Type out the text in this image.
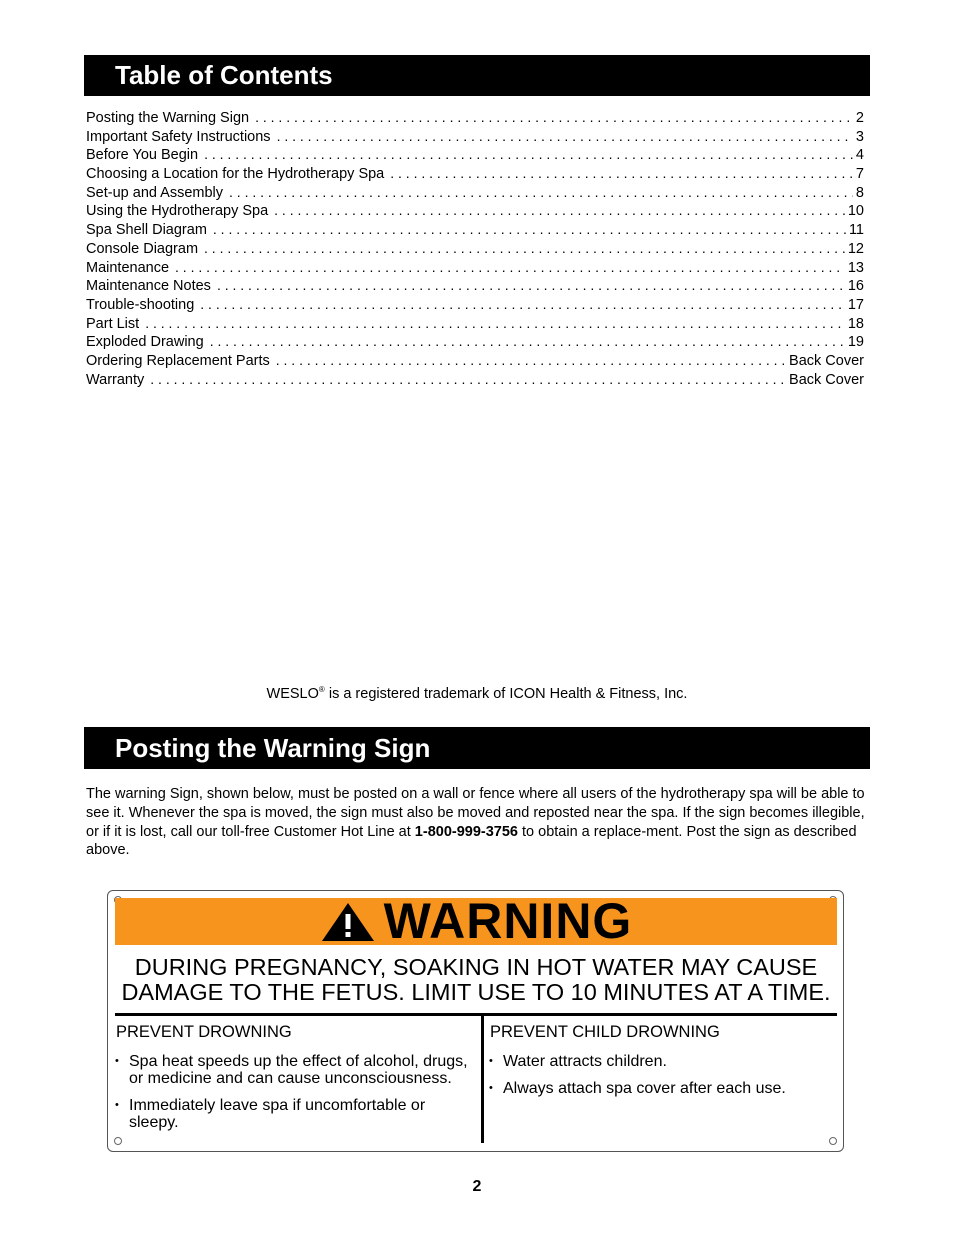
Table of Contents
Posting the Warning Sign . . .	2
Important Safety Instructions . . .	3
Before You Begin . . .	4
Choosing a Location for the Hydrotherapy Spa . . .	7
Set-up and Assembly . . .	8
Using the Hydrotherapy Spa . . .	10
Spa Shell Diagram . . .	11
Console Diagram . . .	12
Maintenance . . .	13
Maintenance Notes . . .	16
Trouble-shooting . . .	17
Part List . . .	18
Exploded Drawing . . .	19
Ordering Replacement Parts . . .	Back Cover
Warranty . . .	Back Cover
WESLO® is a registered trademark of ICON Health & Fitness, Inc.
Posting the Warning Sign

The warning Sign, shown below, must be posted on a wall or fence where all users of the hydrotherapy spa will be able to see it. Whenever the spa is moved, the sign must also be moved and reposted near the spa. If the sign becomes illegible, or if it is lost, call our toll-free Customer Hot Line at 1-800-999-3756 to obtain a replace-ment. Post the sign as described above.

WARNING

DURING PREGNANCY, SOAKING IN HOT WATER MAY CAUSE
DAMAGE TO THE FETUS. LIMIT USE TO 10 MINUTES AT A TIME.

PREVENT DROWNING
• Spa heat speeds up the effect of alcohol, drugs, or medicine and can cause unconsciousness.
• Immediately leave spa if uncomfortable or sleepy.
PREVENT CHILD DROWNING
• Water attracts children.
• Always attach spa cover after each use.
2
